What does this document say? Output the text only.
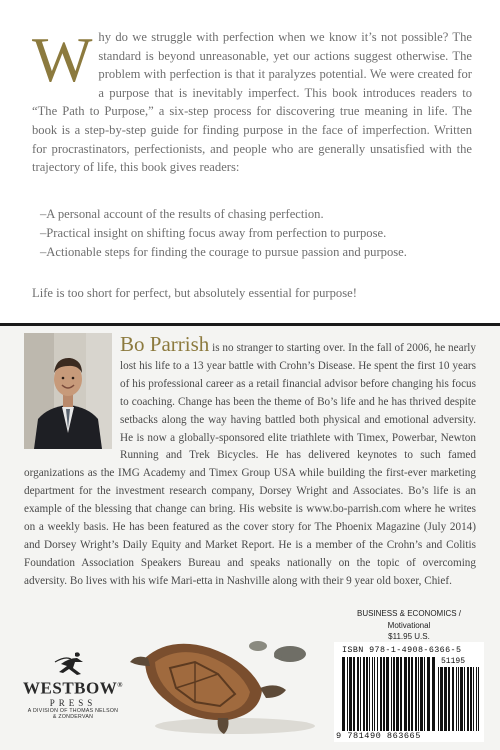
Why do we struggle with perfection when we know it’s not possible? The standard is beyond unreasonable, yet our actions suggest otherwise. The problem with perfection is that it paralyzes potential. We were created for a purpose that is inevitably imperfect. This book introduces readers to “The Path to Purpose,” a six-step process for discovering true meaning in life. The book is a step-by-step guide for finding purpose in the face of imperfection. Written for procrastinators, perfectionists, and people who are generally unsatisfied with the trajectory of life, this book gives readers:
–A personal account of the results of chasing perfection.
–Practical insight on shifting focus away from perfection to purpose.
–Actionable steps for finding the courage to pursue passion and purpose.
Life is too short for perfect, but absolutely essential for purpose!
Bo Parrish is no stranger to starting over. In the fall of 2006, he nearly lost his life to a 13 year battle with Crohn’s Disease. He spent the first 10 years of his professional career as a retail financial advisor before changing his focus to coaching. Change has been the theme of Bo’s life and he has thrived despite setbacks along the way having battled both physical and emotional adversity. He is now a globally-sponsored elite triathlete with Timex, Powerbar, Newton Running and Trek Bicycles. He has delivered keynotes to such famed organizations as the IMG Academy and Timex Group USA while building the first-ever marketing department for the investment research company, Dorsey Wright and Associates. Bo’s life is an example of the blessing that change can bring. His website is www.bo-parrish.com where he writes on a weekly basis. He has been featured as the cover story for The Phoenix Magazine (July 2014) and Dorsey Wright’s Daily Equity and Market Report. He is a member of the Crohn’s and Colitis Foundation Association Speakers Bureau and speaks nationally on the topic of overcoming adversity. Bo lives with his wife Mari-etta in Nashville along with their 9 year old boxer, Chief.
WESTBOW®
PRESS
A DIVISION OF THOMAS NELSON
& ZONDERVAN
BUSINESS & ECONOMICS /
Motivational
$11.95 U.S.
ISBN 978-1-4908-6366-5
51195
9 781490 863665
